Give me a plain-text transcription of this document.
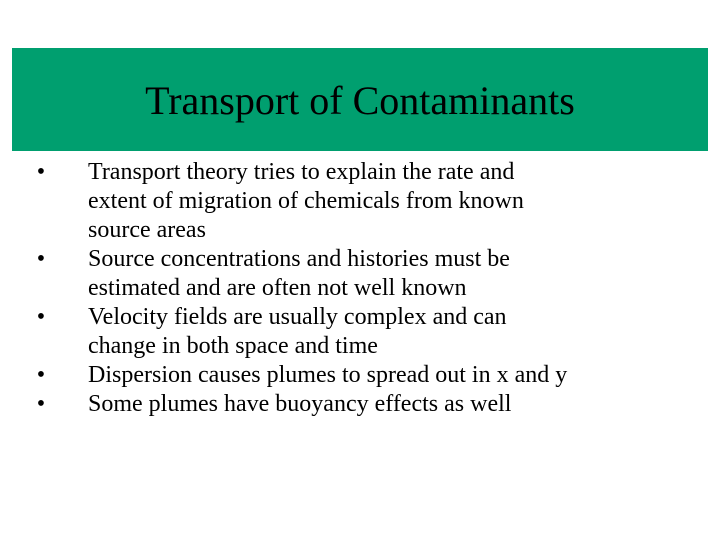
Transport of Contaminants
• Transport theory tries to explain the rate and
extent of migration of chemicals from known
source areas
• Source concentrations and histories must be
estimated and are often not well known
• Velocity fields are usually complex and can
change in both space and time
• Dispersion causes plumes to spread out in x and y
• Some plumes have buoyancy effects as well
